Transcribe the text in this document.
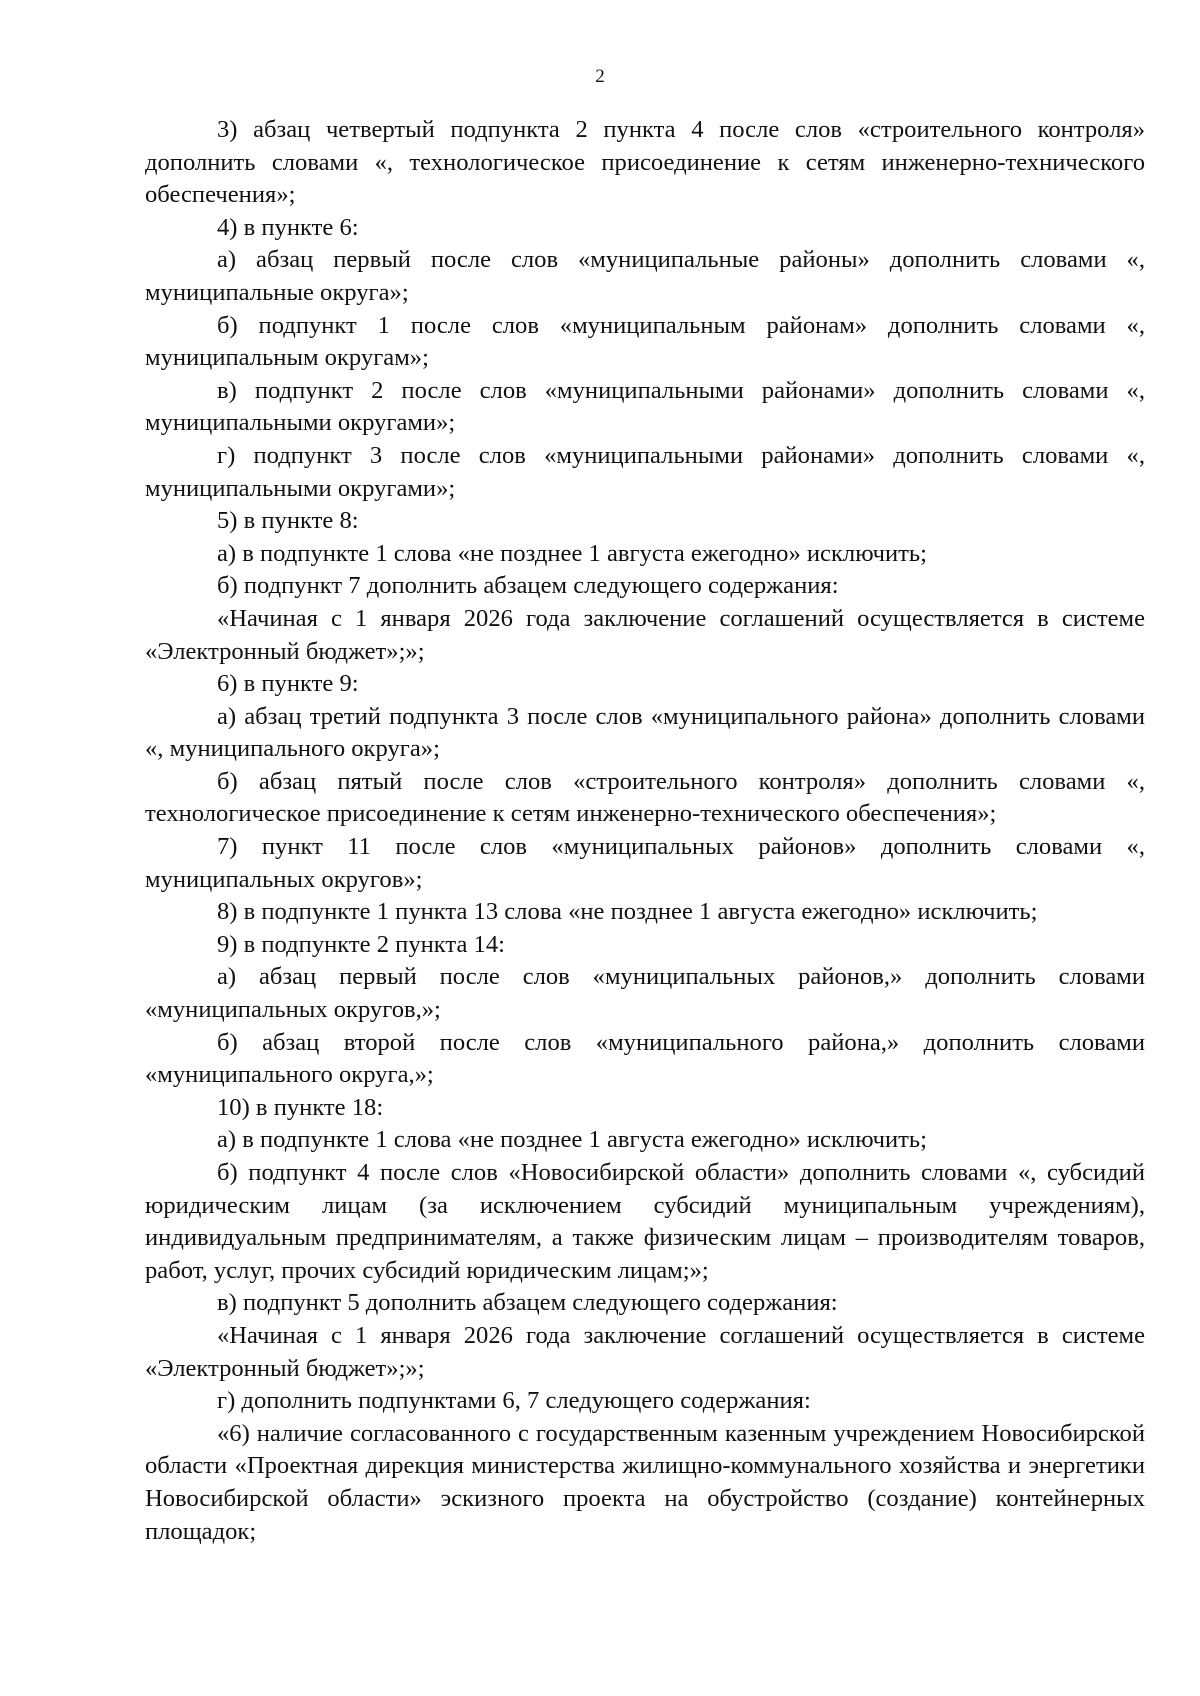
2

3) абзац четвертый подпункта 2 пункта 4 после слов «строительного контроля» дополнить словами «, технологическое присоединение к сетям инженерно-технического обеспечения»;

4) в пункте 6:

а) абзац первый после слов «муниципальные районы» дополнить словами «, муниципальные округа»;

б) подпункт 1 после слов «муниципальным районам» дополнить словами «, муниципальным округам»;

в) подпункт 2 после слов «муниципальными районами» дополнить словами «, муниципальными округами»;

г) подпункт 3 после слов «муниципальными районами» дополнить словами «, муниципальными округами»;

5) в пункте 8:

а) в подпункте 1 слова «не позднее 1 августа ежегодно» исключить;

б) подпункт 7 дополнить абзацем следующего содержания:

«Начиная с 1 января 2026 года заключение соглашений осуществляется в системе «Электронный бюджет»;»;

6) в пункте 9:

а) абзац третий подпункта 3 после слов «муниципального района» дополнить словами «, муниципального округа»;

б) абзац пятый после слов «строительного контроля» дополнить словами «, технологическое присоединение к сетям инженерно-технического обеспечения»;

7) пункт 11 после слов «муниципальных районов» дополнить словами «, муниципальных округов»;

8) в подпункте 1 пункта 13 слова «не позднее 1 августа ежегодно» исключить;

9) в подпункте 2 пункта 14:

а) абзац первый после слов «муниципальных районов,» дополнить словами «муниципальных округов,»;

б) абзац второй после слов «муниципального района,» дополнить словами «муниципального округа,»;

10) в пункте 18:

а) в подпункте 1 слова «не позднее 1 августа ежегодно» исключить;

б) подпункт 4 после слов «Новосибирской области» дополнить словами «, субсидий юридическим лицам (за исключением субсидий муниципальным учреждениям), индивидуальным предпринимателям, а также физическим лицам – производителям товаров, работ, услуг, прочих субсидий юридическим лицам;»;

в) подпункт 5 дополнить абзацем следующего содержания:

«Начиная с 1 января 2026 года заключение соглашений осуществляется в системе «Электронный бюджет»;»;

г) дополнить подпунктами 6, 7 следующего содержания:

«6) наличие согласованного с государственным казенным учреждением Новосибирской области «Проектная дирекция министерства жилищно-коммунального хозяйства и энергетики Новосибирской области» эскизного проекта на обустройство (создание) контейнерных площадок;
